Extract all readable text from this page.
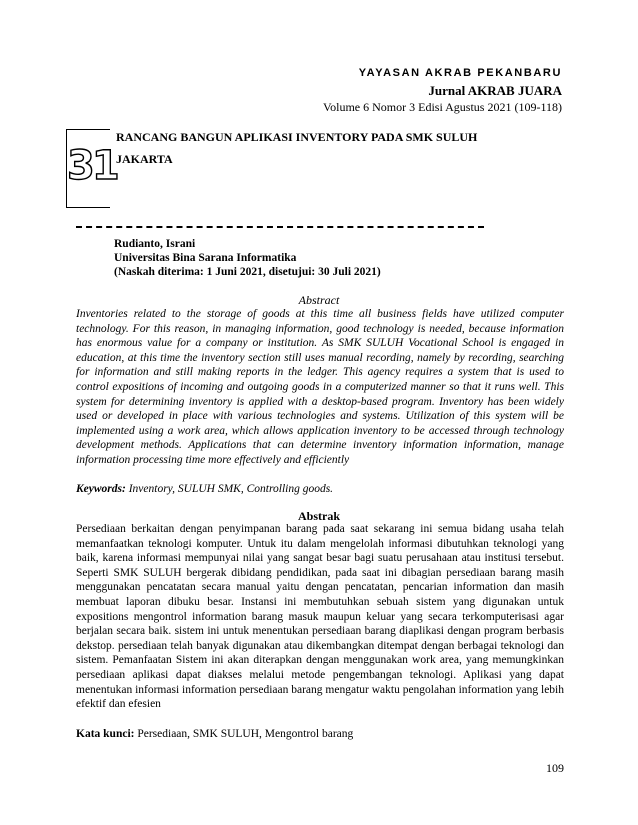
YAYASAN AKRAB PEKANBARU
Jurnal AKRAB JUARA
Volume 6 Nomor 3 Edisi Agustus 2021 (109-118)
31
RANCANG BANGUN APLIKASI INVENTORY PADA SMK SULUH
JAKARTA
Rudianto, Israni
Universitas Bina Sarana Informatika
(Naskah diterima: 1 Juni 2021, disetujui: 30 Juli 2021)
Abstract
Inventories related to the storage of goods at this time all business fields have utilized computer technology. For this reason, in managing information, good technology is needed, because information has enormous value for a company or institution. As SMK SULUH Vocational School is engaged in education, at this time the inventory section still uses manual recording, namely by recording, searching for information and still making reports in the ledger. This agency requires a system that is used to control expositions of incoming and outgoing goods in a computerized manner so that it runs well. This system for determining inventory is applied with a desktop-based program. Inventory has been widely used or developed in place with various technologies and systems. Utilization of this system will be implemented using a work area, which allows application inventory to be accessed through technology development methods. Applications that can determine inventory information information, manage information processing time more effectively and efficiently
Keywords: Inventory, SULUH SMK, Controlling goods.
Abstrak
Persediaan berkaitan dengan penyimpanan barang pada saat sekarang ini semua bidang usaha telah memanfaatkan teknologi komputer. Untuk itu dalam mengelolah informasi dibutuhkan teknologi yang baik, karena informasi mempunyai nilai yang sangat besar bagi suatu perusahaan atau institusi tersebut. Seperti SMK SULUH bergerak dibidang pendidikan, pada saat ini dibagian persediaan barang masih menggunakan pencatatan secara manual yaitu dengan pencatatan, pencarian information dan masih membuat laporan dibuku besar. Instansi ini membutuhkan sebuah sistem yang digunakan untuk expositions mengontrol information barang masuk maupun keluar yang secara terkomputerisasi agar berjalan secara baik. sistem ini untuk menentukan persediaan barang diaplikasi dengan program berbasis dekstop. persediaan telah banyak digunakan atau dikembangkan ditempat dengan berbagai teknologi dan sistem. Pemanfaatan Sistem ini akan diterapkan dengan menggunakan work area, yang memungkinkan persediaan aplikasi dapat diakses melalui metode pengembangan teknologi. Aplikasi yang dapat menentukan informasi information persediaan barang mengatur waktu pengolahan information yang lebih efektif dan efesien
Kata kunci: Persediaan, SMK SULUH, Mengontrol barang
109
